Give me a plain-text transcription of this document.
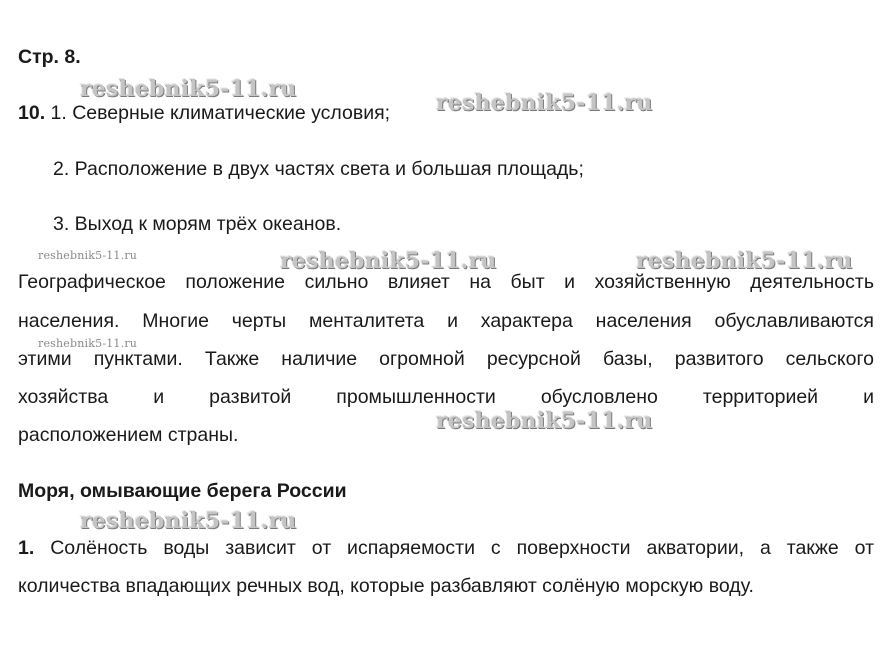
Стр. 8.
10. 1. Северные климатические условия;
2. Расположение в двух частях света и большая площадь;
3. Выход к морям трёх океанов.
Географическое положение сильно влияет на быт и хозяйственную деятельность
населения. Многие черты менталитета и характера населения обуславливаются
этими пунктами. Также наличие огромной ресурсной базы, развитого сельского
хозяйства и развитой промышленности обусловлено территорией и
расположением страны.
Моря, омывающие берега России
1. Солёность воды зависит от испаряемости с поверхности акватории, а также от
количества впадающих речных вод, которые разбавляют солёную морскую воду.
reshebnik5-11.ru
reshebnik5-11.ru
reshebnik5-11.ru	reshebnik5-11.ru
reshebnik5-11.ru
reshebnik5-11.ru
reshebnik5-11.ru
reshebnik5-11.ru
